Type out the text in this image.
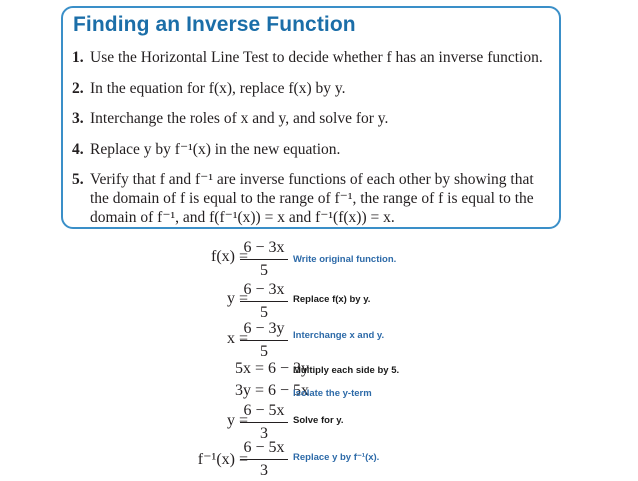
Finding an Inverse Function
1. Use the Horizontal Line Test to decide whether f has an inverse function.
2. In the equation for f(x), replace f(x) by y.
3. Interchange the roles of x and y, and solve for y.
4. Replace y by f⁻¹(x) in the new equation.
5. Verify that f and f⁻¹ are inverse functions of each other by showing that
the domain of f is equal to the range of f⁻¹, the range of f is equal to the
domain of f⁻¹, and f(f⁻¹(x)) = x and f⁻¹(f(x)) = x.
f(x) =
$\frac{6 - 3x}{5}$ Write original function.
y =
$\frac{6 - 3x}{5}$ Replace f(x) by y.
x =
$\frac{6 - 3y}{5}$ Interchange x and y.
5x = 6 − 3y
Multiply each side by 5.
3y = 6 − 5x
Isolate the y-term
y =
$\frac{6 - 5x}{3}$ Solve for y.
f⁻¹(x) =
$\frac{6 - 5x}{3}$ Replace y by f⁻¹(x).
